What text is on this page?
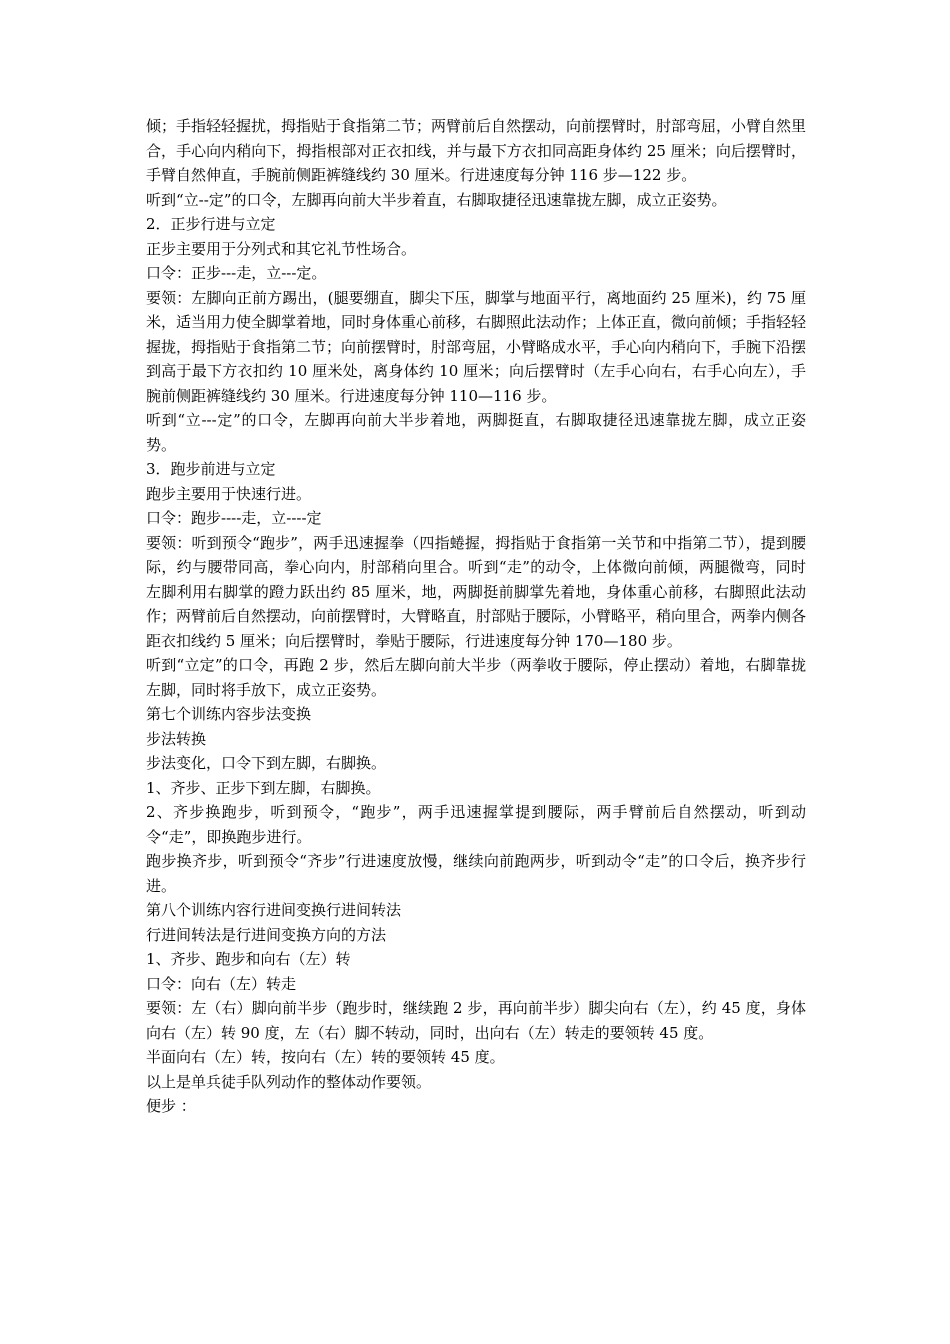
倾；手指轻轻握扰，拇指贴于食指第二节；两臂前后自然摆动，向前摆臂时，肘部弯屈，小臂自然里合，手心向内稍向下，拇指根部对正衣扣线，并与最下方衣扣同高距身体约 25 厘米；向后摆臂时，手臂自然伸直，手腕前侧距裤缝线约 30 厘米。行进速度每分钟 116 步—122 步。

听到“立--定”的口令，左脚再向前大半步着直，右脚取捷径迅速靠拢左脚，成立正姿势。

2．正步行进与立定

正步主要用于分列式和其它礼节性场合。

口令：正步---走，立---定。

要领：左脚向正前方踢出，(腿要绷直，脚尖下压，脚掌与地面平行，离地面约 25 厘米)，约 75 厘米，适当用力使全脚掌着地，同时身体重心前移，右脚照此法动作；上体正直，微向前倾；手指轻轻握拢，拇指贴于食指第二节；向前摆臂时，肘部弯屈，小臂略成水平，手心向内稍向下，手腕下沿摆到高于最下方衣扣约 10 厘米处，离身体约 10 厘米；向后摆臂时（左手心向右，右手心向左），手腕前侧距裤缝线约 30 厘米。行进速度每分钟 110—116 步。

听到“立---定”的口令，左脚再向前大半步着地，两脚挺直，右脚取捷径迅速靠拢左脚，成立正姿势。

3．跑步前进与立定

跑步主要用于快速行进。

口令：跑步----走，立----定

要领：听到预令“跑步”，两手迅速握拳（四指蜷握，拇指贴于食指第一关节和中指第二节），提到腰际，约与腰带同高，拳心向内，肘部稍向里合。听到“走”的动令，上体微向前倾，两腿微弯，同时左脚利用右脚掌的蹬力跃出约 85 厘米，地，两脚挺前脚掌先着地，身体重心前移，右脚照此法动作；两臂前后自然摆动，向前摆臂时，大臂略直，肘部贴于腰际，小臂略平，稍向里合，两拳内侧各距衣扣线约 5 厘米；向后摆臂时，拳贴于腰际，行进速度每分钟 170—180 步。

听到“立定”的口令，再跑 2 步，然后左脚向前大半步（两拳收于腰际，停止摆动）着地，右脚靠拢左脚，同时将手放下，成立正姿势。

第七个训练内容步法变换

步法转换

步法变化，口令下到左脚，右脚换。

1、齐步、正步下到左脚，右脚换。

2、齐步换跑步，听到预令，“跑步”，两手迅速握掌提到腰际，两手臂前后自然摆动，听到动令“走”，即换跑步进行。

跑步换齐步，听到预令“齐步”行进速度放慢，继续向前跑两步，听到动令“走”的口令后，换齐步行进。

第八个训练内容行进间变换行进间转法

行进间转法是行进间变换方向的方法

1、齐步、跑步和向右（左）转

口令：向右（左）转走

要领：左（右）脚向前半步（跑步时，继续跑 2 步，再向前半步）脚尖向右（左），约 45 度，身体向右（左）转 90 度，左（右）脚不转动，同时，出向右（左）转走的要领转 45 度。

半面向右（左）转，按向右（左）转的要领转 45 度。

以上是单兵徒手队列动作的整体动作要领。

便步 ：
